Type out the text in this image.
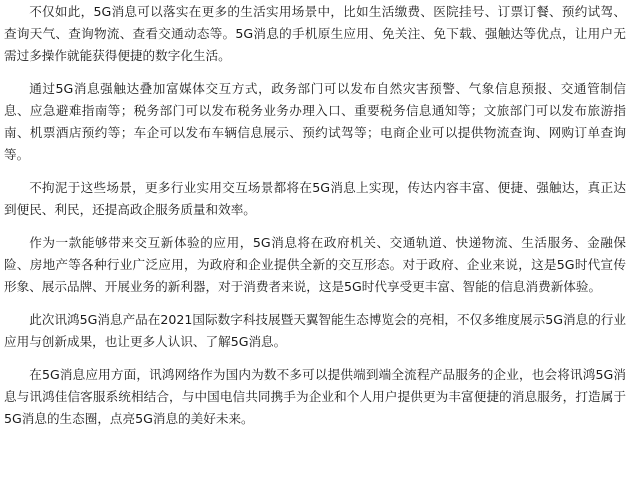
不仅如此，5G消息可以落实在更多的生活实用场景中，比如生活缴费、医院挂号、订票订餐、预约试驾、查询天气、查询物流、查看交通动态等。5G消息的手机原生应用、免关注、免下载、强触达等优点，让用户无需过多操作就能获得便捷的数字化生活。

通过5G消息强触达叠加富媒体交互方式，政务部门可以发布自然灾害预警、气象信息预报、交通管制信息、应急避难指南等；税务部门可以发布税务业务办理入口、重要税务信息通知等；文旅部门可以发布旅游指南、机票酒店预约等；车企可以发布车辆信息展示、预约试驾等；电商企业可以提供物流查询、网购订单查询等。

不拘泥于这些场景，更多行业实用交互场景都将在5G消息上实现，传达内容丰富、便捷、强触达，真正达到便民、利民，还提高政企服务质量和效率。

作为一款能够带来交互新体验的应用，5G消息将在政府机关、交通轨道、快递物流、生活服务、金融保险、房地产等各种行业广泛应用，为政府和企业提供全新的交互形态。对于政府、企业来说，这是5G时代宣传形象、展示品牌、开展业务的新利器，对于消费者来说，这是5G时代享受更丰富、智能的信息消费新体验。

此次讯鸿5G消息产品在2021国际数字科技展暨天翼智能生态博览会的亮相，不仅多维度展示5G消息的行业应用与创新成果，也让更多人认识、了解5G消息。

在5G消息应用方面，讯鸿网络作为国内为数不多可以提供端到端全流程产品服务的企业，也会将讯鸿5G消息与讯鸿佳信客服系统相结合，与中国电信共同携手为企业和个人用户提供更为丰富便捷的消息服务，打造属于5G消息的生态圈，点亮5G消息的美好未来。
